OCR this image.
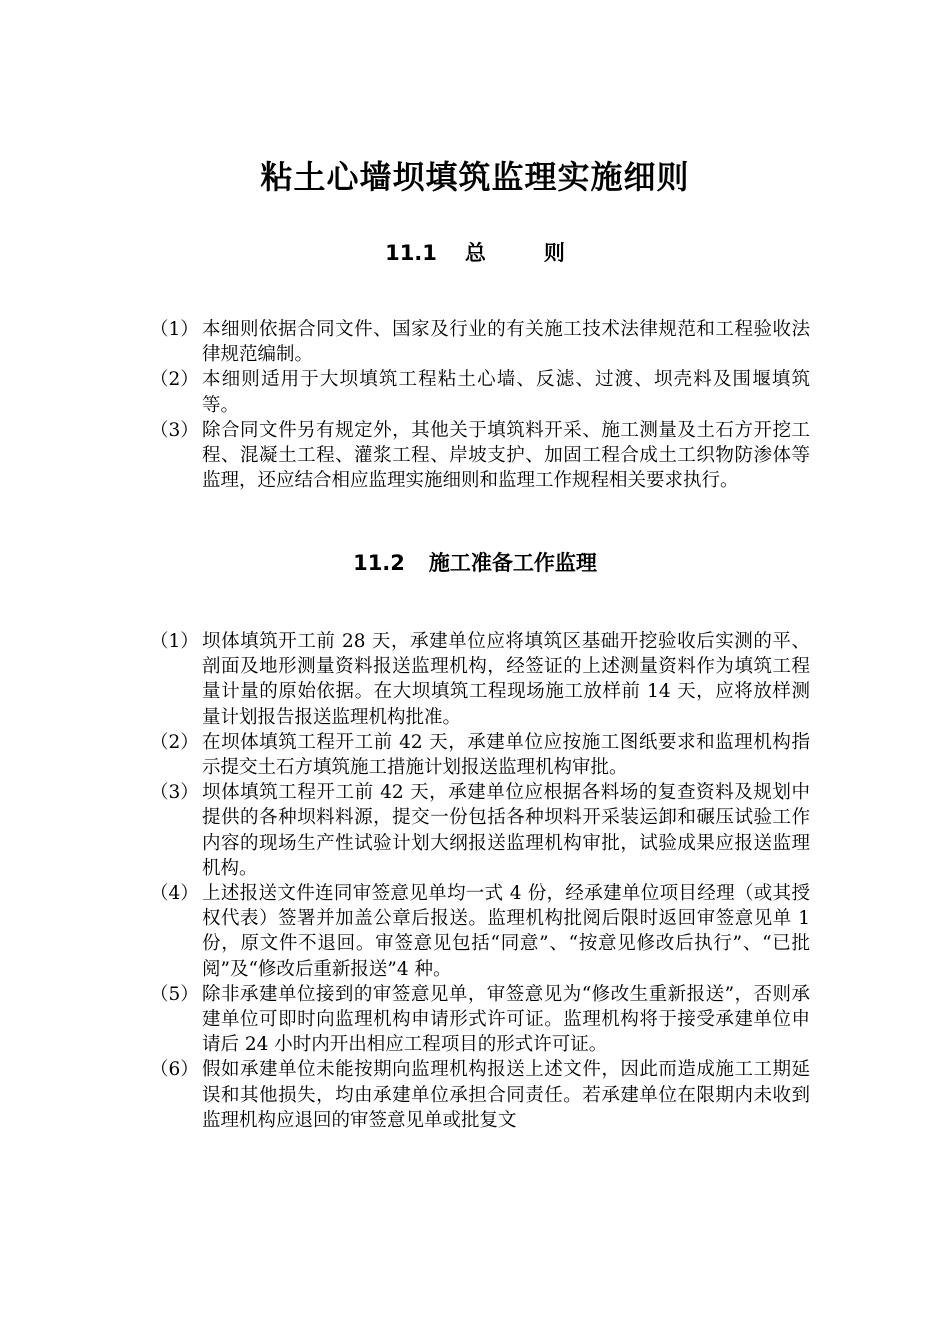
粘土心墙坝填筑监理实施细则
11.1 总	则
（1） 本细则依据合同文件、国家及行业的有关施工技术法律规范和工程验收法律规范编制。
（2） 本细则适用于大坝填筑工程粘土心墙、反滤、过渡、坝壳料及围堰填筑等。
（3） 除合同文件另有规定外，其他关于填筑料开采、施工测量及土石方开挖工程、混凝土工程、灌浆工程、岸坡支护、加固工程合成土工织物防渗体等监理，还应结合相应监理实施细则和监理工作规程相关要求执行。
11.2 施工准备工作监理
（1） 坝体填筑开工前 28 天，承建单位应将填筑区基础开挖验收后实测的平、剖面及地形测量资料报送监理机构，经签证的上述测量资料作为填筑工程量计量的原始依据。在大坝填筑工程现场施工放样前 14 天，应将放样测量计划报告报送监理机构批准。
（2） 在坝体填筑工程开工前 42 天，承建单位应按施工图纸要求和监理机构指示提交土石方填筑施工措施计划报送监理机构审批。
（3） 坝体填筑工程开工前 42 天，承建单位应根据各料场的复查资料及规划中提供的各种坝料料源，提交一份包括各种坝料开采装运卸和碾压试验工作内容的现场生产性试验计划大纲报送监理机构审批，试验成果应报送监理机构。
（4） 上述报送文件连同审签意见单均一式 4 份，经承建单位项目经理（或其授权代表）签署并加盖公章后报送。监理机构批阅后限时返回审签意见单 1 份，原文件不退回。审签意见包括“同意”、“按意见修改后执行”、“已批阅”及“修改后重新报送”4 种。
（5） 除非承建单位接到的审签意见单，审签意见为“修改生重新报送”，否则承建单位可即时向监理机构申请形式许可证。监理机构将于接受承建单位申请后 24 小时内开出相应工程项目的形式许可证。
（6） 假如承建单位未能按期向监理机构报送上述文件，因此而造成施工工期延误和其他损失，均由承建单位承担合同责任。若承建单位在限期内未收到监理机构应退回的审签意见单或批复文
